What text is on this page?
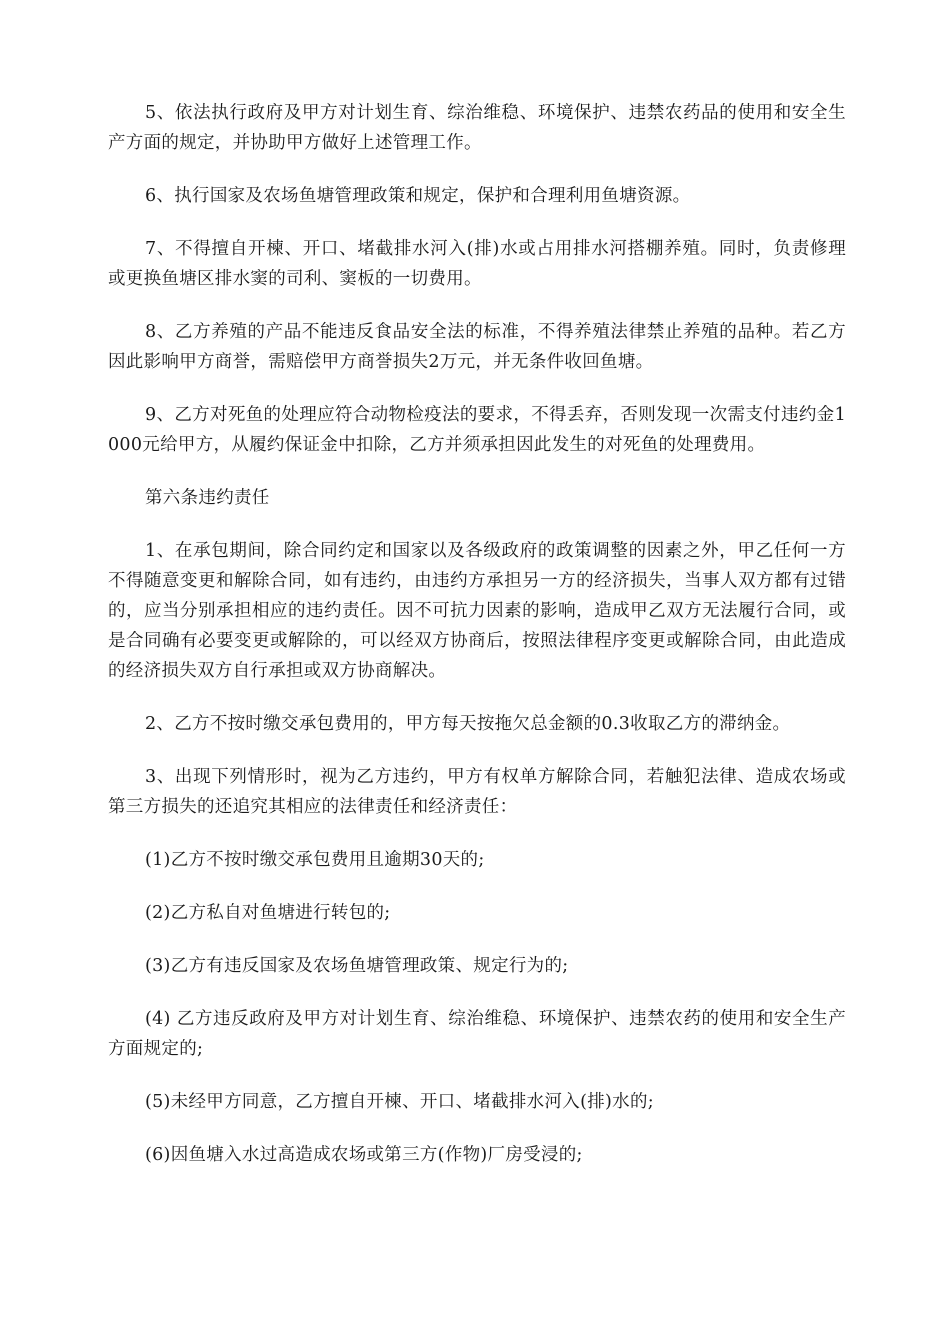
5、依法执行政府及甲方对计划生育、综治维稳、环境保护、违禁农药品的使用和安全生产方面的规定，并协助甲方做好上述管理工作。

6、执行国家及农场鱼塘管理政策和规定，保护和合理利用鱼塘资源。

7、不得擅自开楝、开口、堵截排水河入(排)水或占用排水河搭棚养殖。同时，负责修理或更换鱼塘区排水窦的司利、窦板的一切费用。

8、乙方养殖的产品不能违反食品安全法的标准，不得养殖法律禁止养殖的品种。若乙方因此影响甲方商誉，需赔偿甲方商誉损失2万元，并无条件收回鱼塘。

9、乙方对死鱼的处理应符合动物检疫法的要求，不得丢弃，否则发现一次需支付违约金1000元给甲方，从履约保证金中扣除，乙方并须承担因此发生的对死鱼的处理费用。

第六条违约责任

1、在承包期间，除合同约定和国家以及各级政府的政策调整的因素之外，甲乙任何一方不得随意变更和解除合同，如有违约，由违约方承担另一方的经济损失，当事人双方都有过错的，应当分别承担相应的违约责任。因不可抗力因素的影响，造成甲乙双方无法履行合同，或是合同确有必要变更或解除的，可以经双方协商后，按照法律程序变更或解除合同，由此造成的经济损失双方自行承担或双方协商解决。

2、乙方不按时缴交承包费用的，甲方每天按拖欠总金额的0.3收取乙方的滞纳金。

3、出现下列情形时，视为乙方违约，甲方有权单方解除合同，若触犯法律、造成农场或第三方损失的还追究其相应的法律责任和经济责任：

(1)乙方不按时缴交承包费用且逾期30天的;

(2)乙方私自对鱼塘进行转包的;

(3)乙方有违反国家及农场鱼塘管理政策、规定行为的;

(4) 乙方违反政府及甲方对计划生育、综治维稳、环境保护、违禁农药的使用和安全生产方面规定的;

(5)未经甲方同意，乙方擅自开楝、开口、堵截排水河入(排)水的;

(6)因鱼塘入水过高造成农场或第三方(作物)厂房受浸的;
